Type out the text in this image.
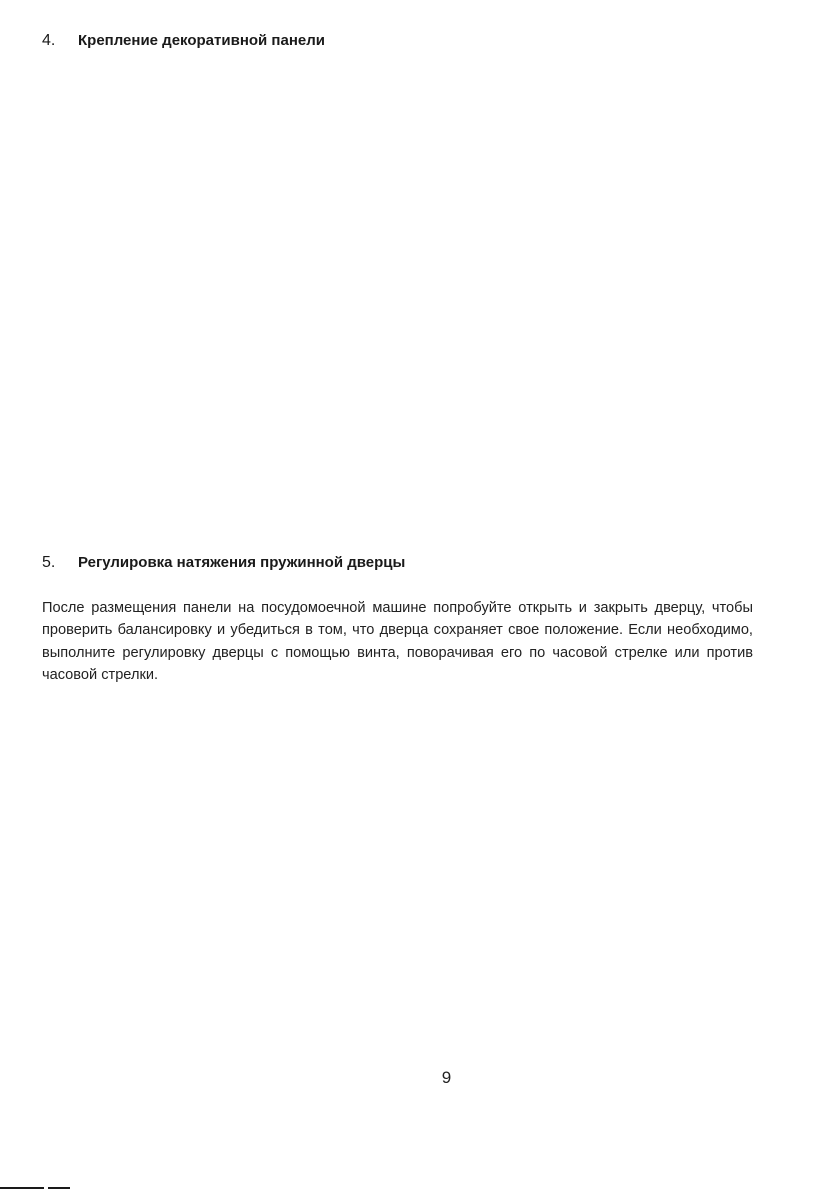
4.	Крепление декоративной панели
5.	Регулировка натяжения пружинной дверцы

После размещения панели на посудомоечной машине попробуйте открыть и закрыть дверцу, чтобы проверить балансировку и убедиться в том, что дверца сохраняет свое положение. Если необходимо, выполните регулировку дверцы с помощью винта, поворачивая его по часовой стрелке или против часовой стрелки.

9
